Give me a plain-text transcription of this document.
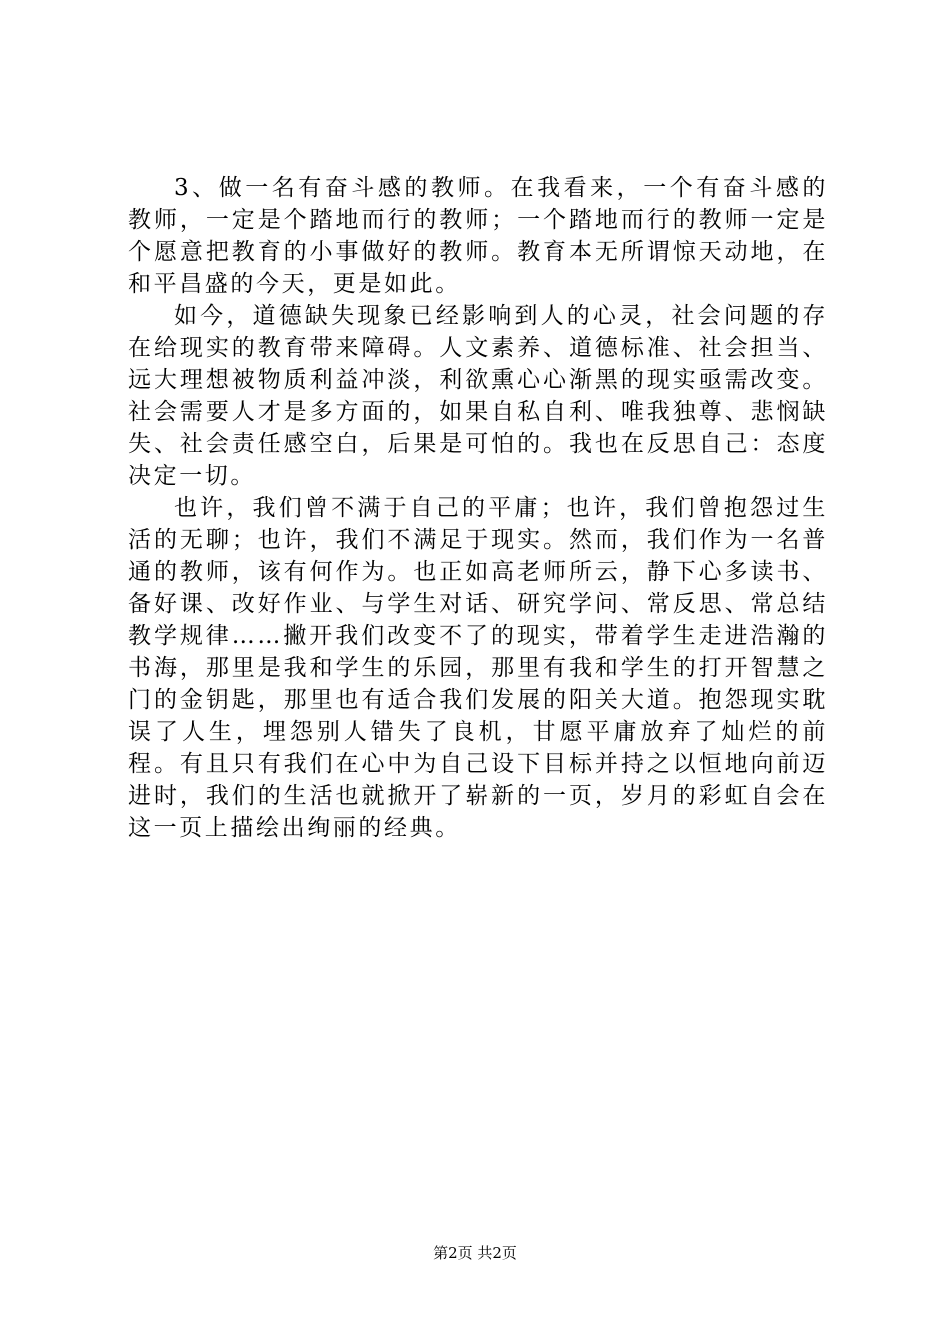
3、做一名有奋斗感的教师。在我看来，一个有奋斗感的教师，一定是个踏地而行的教师；一个踏地而行的教师一定是个愿意把教育的小事做好的教师。教育本无所谓惊天动地，在和平昌盛的今天，更是如此。

如今，道德缺失现象已经影响到人的心灵，社会问题的存在给现实的教育带来障碍。人文素养、道德标准、社会担当、远大理想被物质利益冲淡，利欲熏心心渐黑的现实亟需改变。社会需要人才是多方面的，如果自私自利、唯我独尊、悲悯缺失、社会责任感空白，后果是可怕的。我也在反思自己：态度决定一切。

也许，我们曾不满于自己的平庸；也许，我们曾抱怨过生活的无聊；也许，我们不满足于现实。然而，我们作为一名普通的教师，该有何作为。也正如高老师所云，静下心多读书、备好课、改好作业、与学生对话、研究学问、常反思、常总结教学规律……撇开我们改变不了的现实，带着学生走进浩瀚的书海，那里是我和学生的乐园，那里有我和学生的打开智慧之门的金钥匙，那里也有适合我们发展的阳关大道。抱怨现实耽误了人生，埋怨别人错失了良机，甘愿平庸放弃了灿烂的前程。有且只有我们在心中为自己设下目标并持之以恒地向前迈进时，我们的生活也就掀开了崭新的一页，岁月的彩虹自会在这一页上描绘出绚丽的经典。

第2页 共2页
